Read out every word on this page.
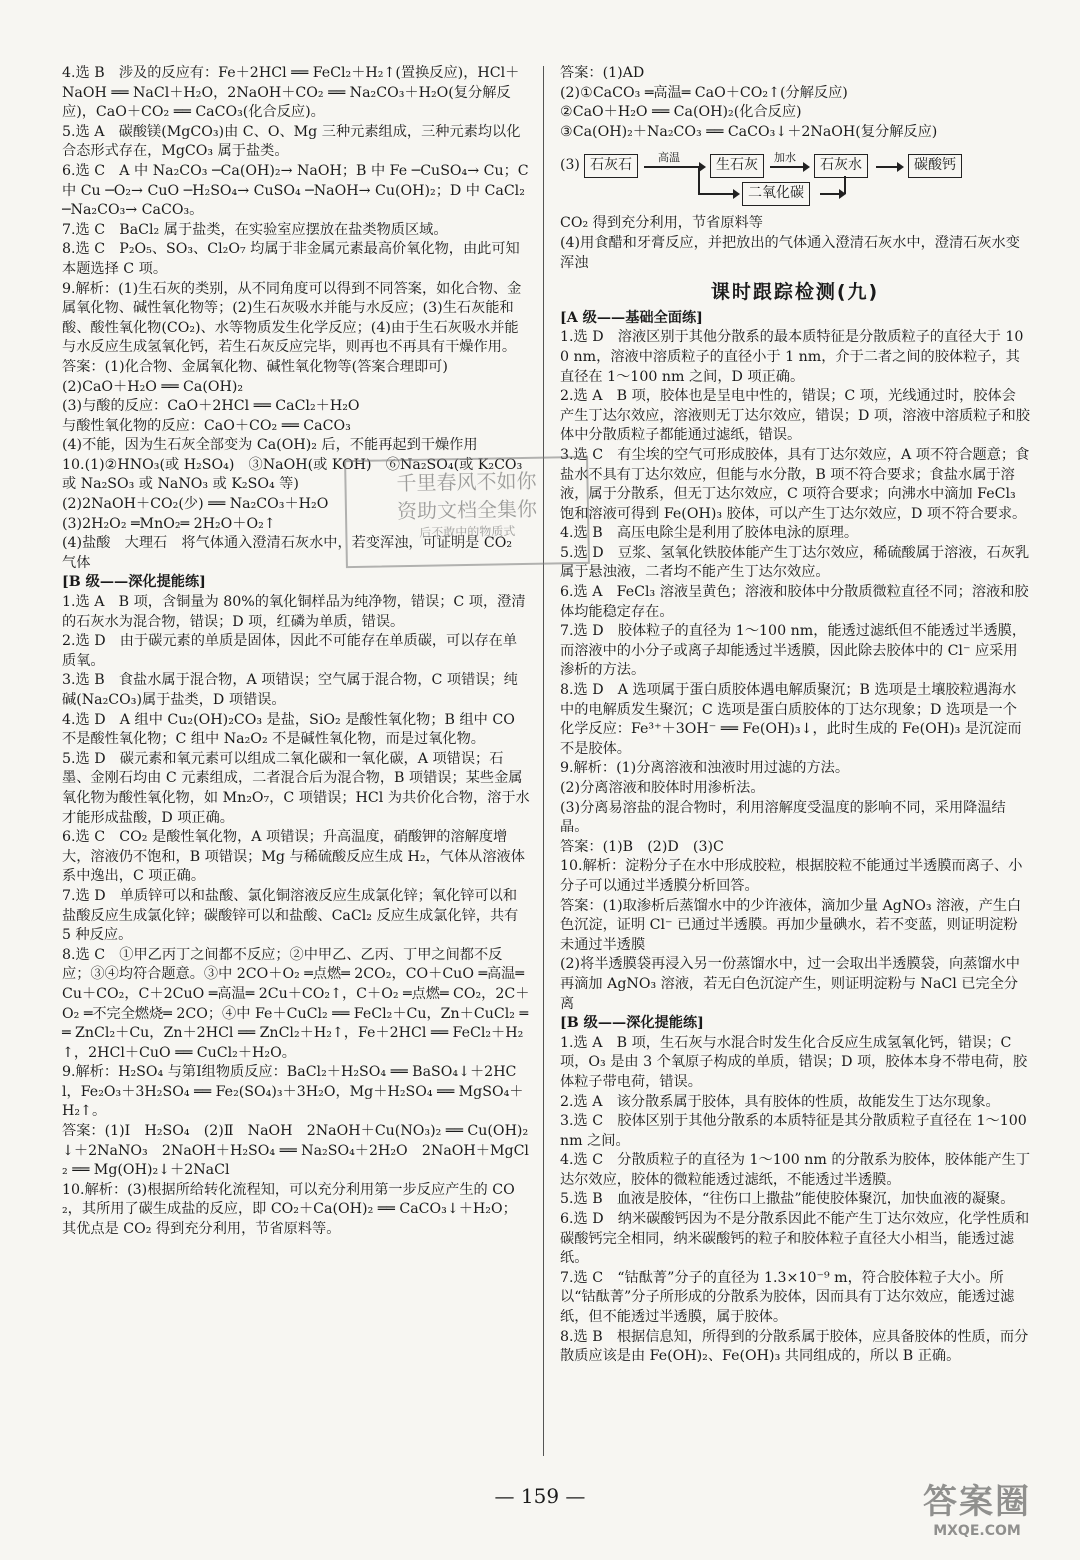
4.选 B　涉及的反应有：Fe＋2HCl ══ FeCl₂＋H₂↑(置换反应)，HCl＋NaOH ══ NaCl＋H₂O，2NaOH＋CO₂ ══ Na₂CO₃＋H₂O(复分解反应)，CaO＋CO₂ ══ CaCO₃(化合反应)。

5.选 A　碳酸镁(MgCO₃)由 C、O、Mg 三种元素组成，三种元素均以化合态形式存在，MgCO₃ 属于盐类。

6.选 C　A 中 Na₂CO₃ ─Ca(OH)₂→ NaOH；B 中 Fe ─CuSO₄→ Cu；C 中 Cu ─O₂→ CuO ─H₂SO₄→ CuSO₄ ─NaOH→ Cu(OH)₂；D 中 CaCl₂ ─Na₂CO₃→ CaCO₃。

7.选 C　BaCl₂ 属于盐类，在实验室应摆放在盐类物质区域。

8.选 C　P₂O₅、SO₃、Cl₂O₇ 均属于非金属元素最高价氧化物，由此可知本题选择 C 项。

9.解析：(1)生石灰的类别，从不同角度可以得到不同答案，如化合物、金属氧化物、碱性氧化物等；(2)生石灰吸水并能与水反应；(3)生石灰能和酸、酸性氧化物(CO₂)、水等物质发生化学反应；(4)由于生石灰吸水并能与水反应生成氢氧化钙，若生石灰反应完毕，则再也不再具有干燥作用。

答案：(1)化合物、金属氧化物、碱性氧化物等(答案合理即可)

(2)CaO＋H₂O ══ Ca(OH)₂

(3)与酸的反应：CaO＋2HCl ══ CaCl₂＋H₂O

与酸性氧化物的反应：CaO＋CO₂ ══ CaCO₃

(4)不能，因为生石灰全部变为 Ca(OH)₂ 后，不能再起到干燥作用

10.(1)②HNO₃(或 H₂SO₄)　③NaOH(或 KOH)　⑥Na₂SO₄(或 K₂CO₃ 或 Na₂SO₃ 或 NaNO₃ 或 K₂SO₄ 等)

(2)2NaOH＋CO₂(少) ══ Na₂CO₃＋H₂O

(3)2H₂O₂ ═MnO₂═ 2H₂O＋O₂↑

(4)盐酸　大理石　将气体通入澄清石灰水中，若变浑浊，可证明是 CO₂ 气体

[B 级——深化提能练]

1.选 A　B 项，含铜量为 80%的氧化铜样品为纯净物，错误；C 项，澄清的石灰水为混合物，错误；D 项，红磷为单质，错误。

2.选 D　由于碳元素的单质是固体，因此不可能存在单质碳，可以存在单质氧。

3.选 B　食盐水属于混合物，A 项错误；空气属于混合物，C 项错误；纯碱(Na₂CO₃)属于盐类，D 项错误。

4.选 D　A 组中 Cu₂(OH)₂CO₃ 是盐，SiO₂ 是酸性氧化物；B 组中 CO 不是酸性氧化物；C 组中 Na₂O₂ 不是碱性氧化物，而是过氧化物。

5.选 D　碳元素和氧元素可以组成二氧化碳和一氧化碳，A 项错误；石墨、金刚石均由 C 元素组成，二者混合后为混合物，B 项错误；某些金属氧化物为酸性氧化物，如 Mn₂O₇，C 项错误；HCl 为共价化合物，溶于水才能形成盐酸，D 项正确。

6.选 C　CO₂ 是酸性氧化物，A 项错误；升高温度，硝酸钾的溶解度增大，溶液仍不饱和，B 项错误；Mg 与稀硫酸反应生成 H₂，气体从溶液体系中逸出，C 项正确。

7.选 D　单质锌可以和盐酸、氯化铜溶液反应生成氯化锌；氧化锌可以和盐酸反应生成氯化锌；碳酸锌可以和盐酸、CaCl₂ 反应生成氯化锌，共有 5 种反应。

8.选 C　①甲乙丙丁之间都不反应；②中甲乙、乙丙、丁甲之间都不反应；③④均符合题意。③中 2CO＋O₂ ═点燃═ 2CO₂，CO＋CuO ═高温═ Cu＋CO₂，C＋2CuO ═高温═ 2Cu＋CO₂↑，C＋O₂ ═点燃═ CO₂，2C＋O₂ ═不完全燃烧═ 2CO；④中 Fe＋CuCl₂ ══ FeCl₂＋Cu，Zn＋CuCl₂ ══ ZnCl₂＋Cu，Zn＋2HCl ══ ZnCl₂＋H₂↑，Fe＋2HCl ══ FeCl₂＋H₂↑，2HCl＋CuO ══ CuCl₂＋H₂O。

9.解析：H₂SO₄ 与第Ⅰ组物质反应：BaCl₂＋H₂SO₄ ══ BaSO₄↓＋2HCl，Fe₂O₃＋3H₂SO₄ ══ Fe₂(SO₄)₃＋3H₂O，Mg＋H₂SO₄ ══ MgSO₄＋H₂↑。

答案：(1)Ⅰ　H₂SO₄　(2)Ⅱ　NaOH　2NaOH＋Cu(NO₃)₂ ══ Cu(OH)₂↓＋2NaNO₃　2NaOH＋H₂SO₄ ══ Na₂SO₄＋2H₂O　2NaOH＋MgCl₂ ══ Mg(OH)₂↓＋2NaCl

10.解析：(3)根据所给转化流程知，可以充分利用第一步反应产生的 CO₂，其所用了碳生成盐的反应，即 CO₂＋Ca(OH)₂ ══ CaCO₃↓＋H₂O；其优点是 CO₂ 得到充分利用，节省原料等。

答案：(1)AD

(2)①CaCO₃ ═高温═ CaO＋CO₂↑(分解反应)

②CaO＋H₂O ══ Ca(OH)₂(化合反应)

③Ca(OH)₂＋Na₂CO₃ ══ CaCO₃↓＋2NaOH(复分解反应)

(3) 石灰石	高温	生石灰	加水	石灰水	碳酸钙
二氧化碳

CO₂ 得到充分利用，节省原料等

(4)用食醋和牙膏反应，并把放出的气体通入澄清石灰水中，澄清石灰水变浑浊

课时跟踪检测(九)

[A 级——基础全面练]

1.选 D　溶液区别于其他分散系的最本质特征是分散质粒子的直径大于 100 nm，溶液中溶质粒子的直径小于 1 nm，介于二者之间的胶体粒子，其直径在 1～100 nm 之间，D 项正确。

2.选 A　B 项，胶体也是呈电中性的，错误；C 项，光线通过时，胶体会产生丁达尔效应，溶液则无丁达尔效应，错误；D 项，溶液中溶质粒子和胶体中分散质粒子都能通过滤纸，错误。

3.选 C　有尘埃的空气可形成胶体，具有丁达尔效应，A 项不符合题意；食盐水不具有丁达尔效应，但能与水分散，B 项不符合要求；食盐水属于溶液，属于分散系，但无丁达尔效应，C 项符合要求；向沸水中滴加 FeCl₃ 饱和溶液可得到 Fe(OH)₃ 胶体，可以产生丁达尔效应，D 项不符合要求。

4.选 B　高压电除尘是利用了胶体电泳的原理。

5.选 D　豆浆、氢氧化铁胶体能产生丁达尔效应，稀硫酸属于溶液，石灰乳属于悬浊液，二者均不能产生丁达尔效应。

6.选 A　FeCl₃ 溶液呈黄色；溶液和胶体中分散质微粒直径不同；溶液和胶体均能稳定存在。

7.选 D　胶体粒子的直径为 1～100 nm，能透过滤纸但不能透过半透膜，而溶液中的小分子或离子却能透过半透膜，因此除去胶体中的 Cl⁻ 应采用渗析的方法。

8.选 D　A 选项属于蛋白质胶体遇电解质聚沉；B 选项是土壤胶粒遇海水中的电解质发生聚沉；C 选项是蛋白质胶体的丁达尔现象；D 选项是一个化学反应：Fe³⁺＋3OH⁻ ══ Fe(OH)₃↓，此时生成的 Fe(OH)₃ 是沉淀而不是胶体。

9.解析：(1)分离溶液和浊液时用过滤的方法。

(2)分离溶液和胶体时用渗析法。

(3)分离易溶盐的混合物时，利用溶解度受温度的影响不同，采用降温结晶。

答案：(1)B　(2)D　(3)C

10.解析：淀粉分子在水中形成胶粒，根据胶粒不能通过半透膜而离子、小分子可以通过半透膜分析回答。

答案：(1)取渗析后蒸馏水中的少许液体，滴加少量 AgNO₃ 溶液，产生白色沉淀，证明 Cl⁻ 已通过半透膜。再加少量碘水，若不变蓝，则证明淀粉未通过半透膜

(2)将半透膜袋再浸入另一份蒸馏水中，过一会取出半透膜袋，向蒸馏水中再滴加 AgNO₃ 溶液，若无白色沉淀产生，则证明淀粉与 NaCl 已完全分离

[B 级——深化提能练]

1.选 A　B 项，生石灰与水混合时发生化合反应生成氢氧化钙，错误；C 项，O₃ 是由 3 个氧原子构成的单质，错误；D 项，胶体本身不带电荷，胶体粒子带电荷，错误。

2.选 A　该分散系属于胶体，具有胶体的性质，故能发生丁达尔现象。

3.选 C　胶体区别于其他分散系的本质特征是其分散质粒子直径在 1～100 nm 之间。

4.选 C　分散质粒子的直径为 1～100 nm 的分散系为胶体，胶体能产生丁达尔效应，胶体的微粒能透过滤纸，不能透过半透膜。

5.选 B　血液是胶体，“往伤口上撒盐”能使胶体聚沉，加快血液的凝聚。

6.选 D　纳米碳酸钙因为不是分散系因此不能产生丁达尔效应，化学性质和碳酸钙完全相同，纳米碳酸钙的粒子和胶体粒子直径大小相当，能透过滤纸。

7.选 C　“钴酞菁”分子的直径为 1.3×10⁻⁹ m，符合胶体粒子大小。所以“钴酞菁”分子所形成的分散系为胶体，因而具有丁达尔效应，能透过滤纸，但不能透过半透膜，属于胶体。

8.选 B　根据信息知，所得到的分散系属于胶体，应具备胶体的性质，而分散质应该是由 Fe(OH)₂、Fe(OH)₃ 共同组成的，所以 B 正确。

千里春风不如你
资助文档全集你
后不敢中的物质式
— 159 —	答案圈
MXQE.COM
